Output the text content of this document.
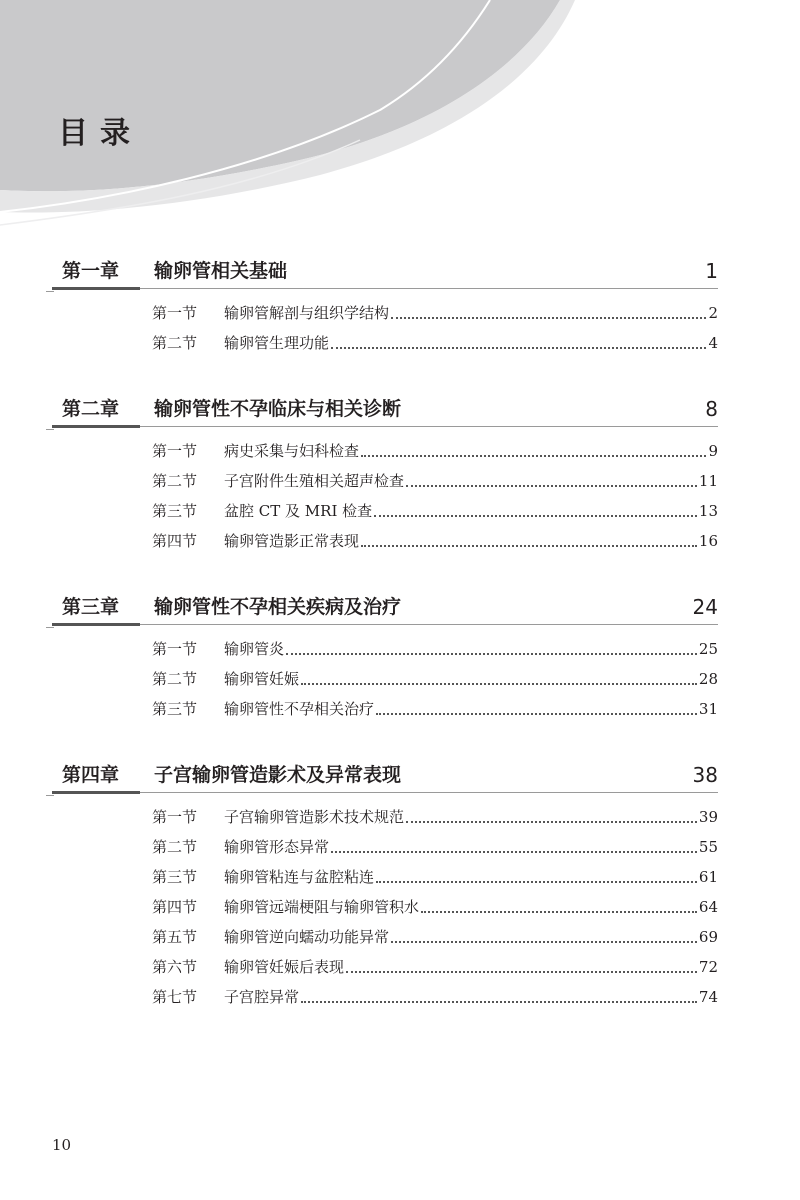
目录
第一章 输卵管相关基础	1
第一节	输卵管解剖与组织学结构	2
第二节	输卵管生理功能	4
第二章 输卵管性不孕临床与相关诊断	8
第一节	病史采集与妇科检查	9
第二节	子宫附件生殖相关超声检查	11
第三节	盆腔 CT 及 MRI 检查	13
第四节	输卵管造影正常表现	16
第三章 输卵管性不孕相关疾病及治疗	24
第一节	输卵管炎	25
第二节	输卵管妊娠	28
第三节	输卵管性不孕相关治疗	31
第四章 子宫输卵管造影术及异常表现	38
第一节	子宫输卵管造影术技术规范	39
第二节	输卵管形态异常	55
第三节	输卵管粘连与盆腔粘连	61
第四节	输卵管远端梗阻与输卵管积水	64
第五节	输卵管逆向蠕动功能异常	69
第六节	输卵管妊娠后表现	72
第七节	子宫腔异常	74
10
